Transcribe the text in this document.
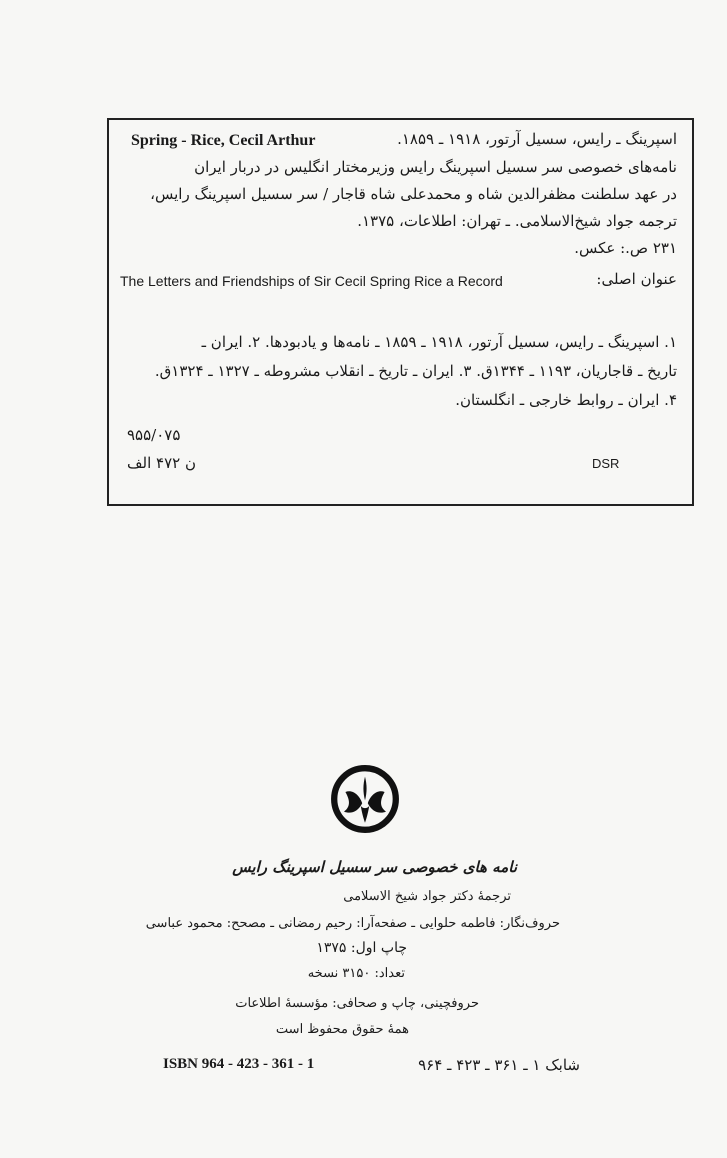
اسپرینگ ـ رایس، سسیل آرتور، ۱۹۱۸ ـ ۱۸۵۹.
Spring - Rice, Cecil Arthur
نامه‌های خصوصی سر سسیل اسپرینگ رایس وزیرمختار انگلیس در دربار ایران
در عهد سلطنت مظفرالدین شاه و محمدعلی شاه قاجار / سر سسیل اسپرینگ رایس،
ترجمه جواد شیخ‌الاسلامی. ـ تهران: اطلاعات، ۱۳۷۵.
۲۳۱ ص.: عکس.
عنوان اصلی:
The Letters and Friendships of Sir Cecil Spring Rice a Record
۱. اسپرینگ ـ رایس، سسیل آرتور، ۱۹۱۸ ـ ۱۸۵۹ ـ نامه‌ها و یادبودها. ۲. ایران ـ
تاریخ ـ قاجاریان، ۱۱۹۳ ـ ۱۳۴۴ق. ۳. ایران ـ تاریخ ـ انقلاب مشروطه ـ ۱۳۲۷ ـ ۱۳۲۴ق.
۴. ایران ـ روابط خارجی ـ انگلستان.
۹۵۵/۰۷۵
ن ۴۷۲ الف	DSR
نامه های خصوصی سر سسیل اسپرینگ رایس
ترجمهٔ دکتر جواد شیخ الاسلامی
حروف‌نگار: فاطمه حلوایی ـ صفحه‌آرا: رحیم رمضانی ـ مصحح: محمود عباسی
چاپ اول: ۱۳۷۵
تعداد: ۳۱۵۰ نسخه
حروفچینی، چاپ و صحافی: مؤسسهٔ اطلاعات
همهٔ حقوق محفوظ است
ISBN 964 - 423 - 361 - 1	شابک ۱ ـ ۳۶۱ ـ ۴۲۳ ـ ۹۶۴
